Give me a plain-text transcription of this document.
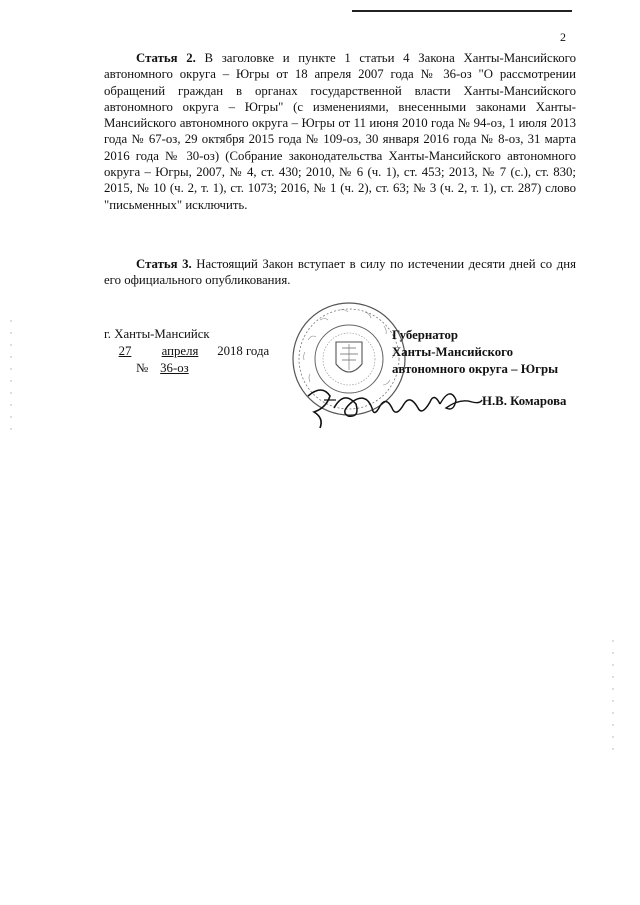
2

Статья 2. В заголовке и пункте 1 статьи 4 Закона Ханты-Мансийского автономного округа – Югры от 18 апреля 2007 года № 36-оз "О рассмотрении обращений граждан в органах государственной власти Ханты-Мансийского автономного округа – Югры" (с изменениями, внесенными законами Ханты-Мансийского автономного округа – Югры от 11 июня 2010 года № 94-оз, 1 июля 2013 года № 67-оз, 29 октября 2015 года № 109-оз, 30 января 2016 года № 8-оз, 31 марта 2016 года № 30-оз) (Собрание законодательства Ханты-Мансийского автономного округа – Югры, 2007, № 4, ст. 430; 2010, № 6 (ч. 1), ст. 453; 2013, № 7 (с.), ст. 830; 2015, № 10 (ч. 2, т. 1), ст. 1073; 2016, № 1 (ч. 2), ст. 63; № 3 (ч. 2, т. 1), ст. 287) слово "письменных" исключить.

Статья 3. Настоящий Закон вступает в силу по истечении десяти дней со дня его официального опубликования.

г. Ханты-Мансийск
27 апреля 2018 года
№ 36-оз
Губернатор
Ханты-Мансийского
автономного округа – Югры
Н.В. Комарова
